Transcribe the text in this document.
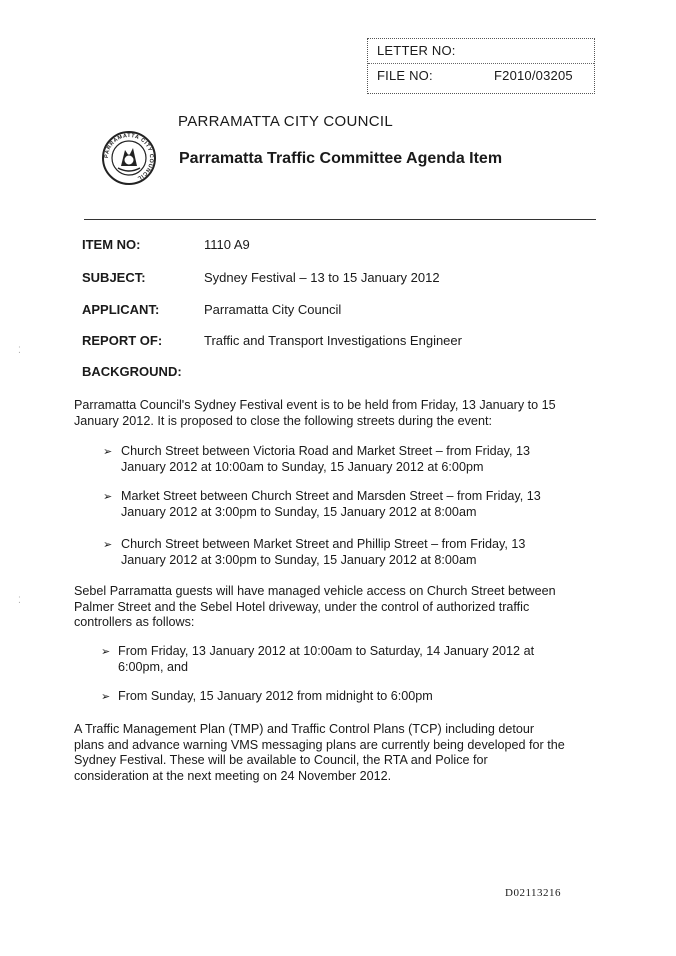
LETTER NO:
FILE NO:	F2010/03205
PARRAMATTA CITY COUNCIL
PARRAMATTA CITY COUNCIL
Parramatta Traffic Committee Agenda Item
ITEM NO:	1110 A9
SUBJECT:	Sydney Festival – 13 to 15 January 2012
APPLICANT:	Parramatta City Council
REPORT OF:	Traffic and Transport Investigations Engineer
BACKGROUND:
Parramatta Council's Sydney Festival event is to be held from Friday, 13 January to 15
January 2012. It is proposed to close the following streets during the event:
➢ Church Street between Victoria Road and Market Street – from Friday, 13
January 2012 at 10:00am to Sunday, 15 January 2012 at 6:00pm
➢ Market Street between Church Street and Marsden Street – from Friday, 13
January 2012 at 3:00pm to Sunday, 15 January 2012 at 8:00am
➢ Church Street between Market Street and Phillip Street – from Friday, 13
January 2012 at 3:00pm to Sunday, 15 January 2012 at 8:00am
Sebel Parramatta guests will have managed vehicle access on Church Street between
Palmer Street and the Sebel Hotel driveway, under the control of authorized traffic
controllers as follows:
➢ From Friday, 13 January 2012 at 10:00am to Saturday, 14 January 2012 at
6:00pm, and
➢ From Sunday, 15 January 2012 from midnight to 6:00pm
A Traffic Management Plan (TMP) and Traffic Control Plans (TCP) including detour
plans and advance warning VMS messaging plans are currently being developed for the
Sydney Festival. These will be available to Council, the RTA and Police for
consideration at the next meeting on 24 November 2012.
D02113216
⁚
⁚
